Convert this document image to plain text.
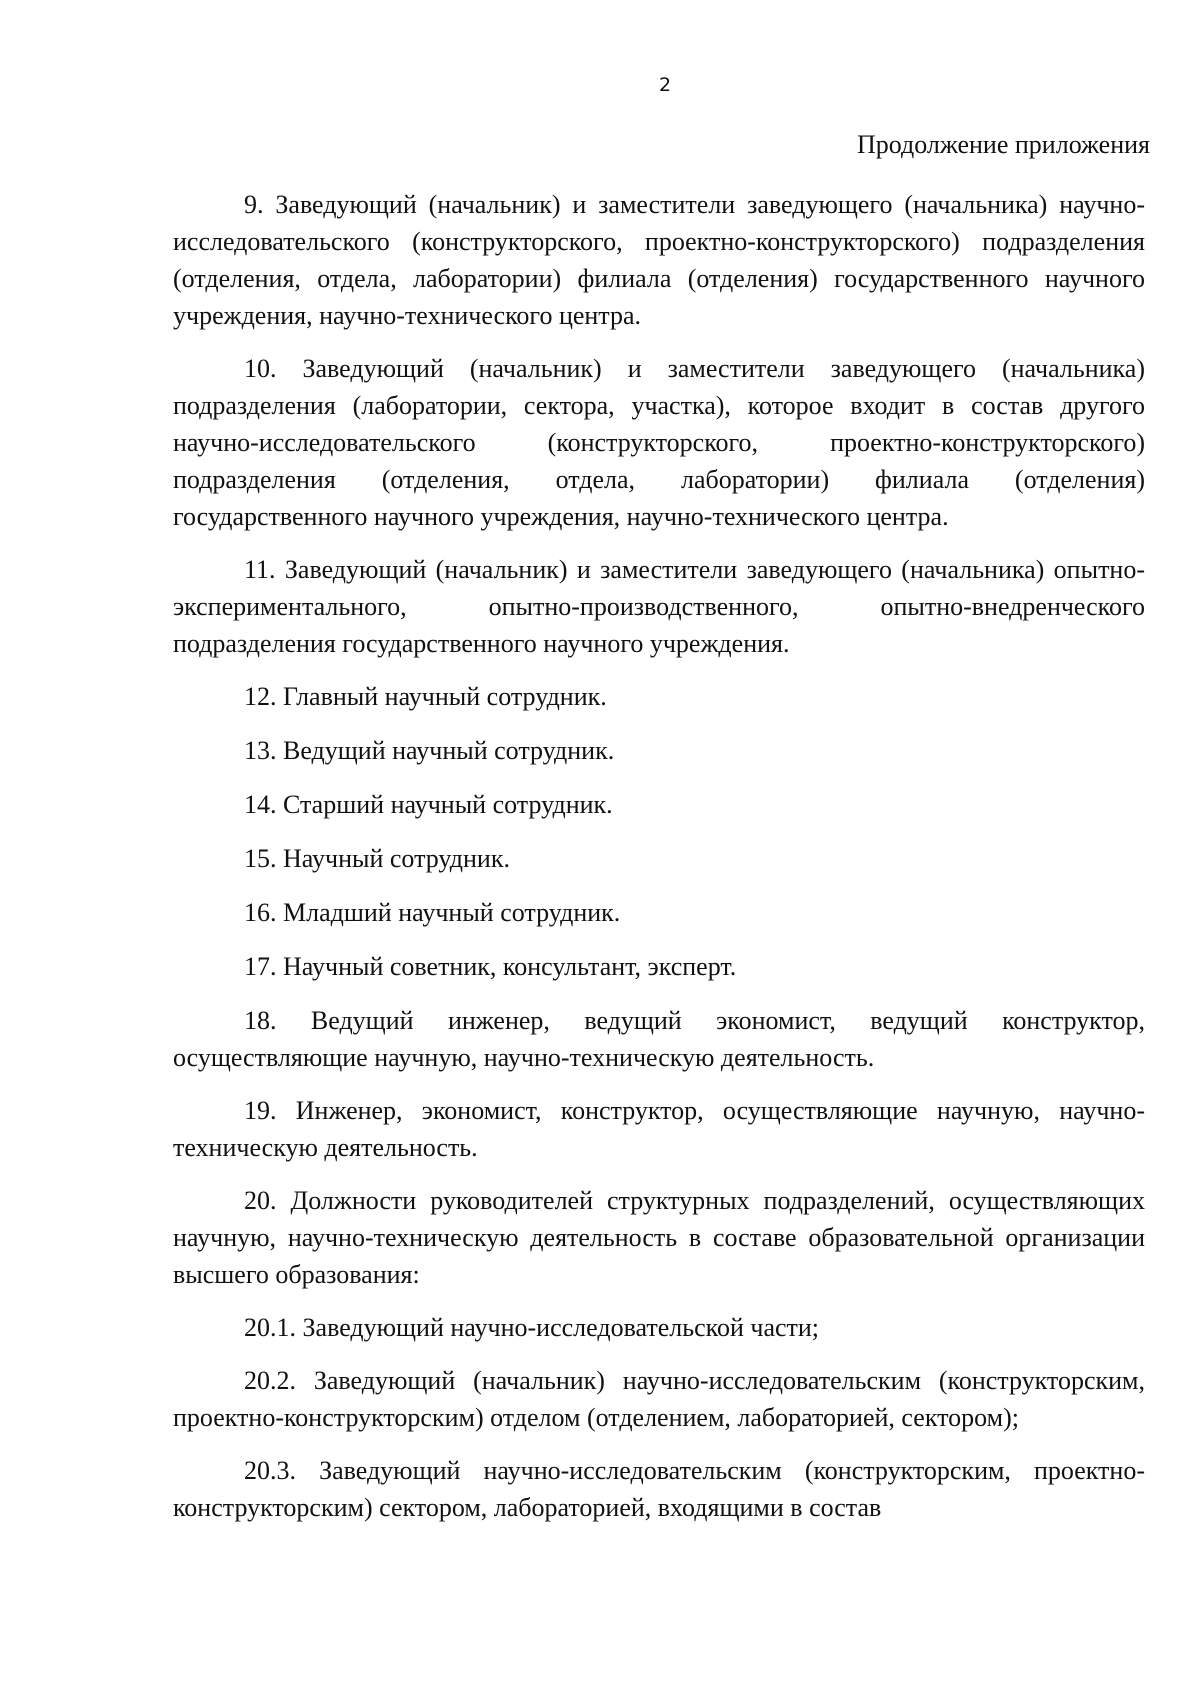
2
Продолжение приложения

9. Заведующий (начальник) и заместители заведующего (начальника) научно-исследовательского (конструкторского, проектно-конструкторского) подразделения (отделения, отдела, лаборатории) филиала (отделения) государственного научного учреждения, научно-технического центра.

10. Заведующий (начальник) и заместители заведующего (начальника) подразделения (лаборатории, сектора, участка), которое входит в состав другого научно-исследовательского (конструкторского, проектно-конструкторского) подразделения (отделения, отдела, лаборатории) филиала (отделения) государственного научного учреждения, научно-технического центра.

11. Заведующий (начальник) и заместители заведующего (начальника) опытно-экспериментального, опытно-производственного, опытно-внедренческого подразделения государственного научного учреждения.

12. Главный научный сотрудник.

13. Ведущий научный сотрудник.

14. Старший научный сотрудник.

15. Научный сотрудник.

16. Младший научный сотрудник.

17. Научный советник, консультант, эксперт.

18. Ведущий инженер, ведущий экономист, ведущий конструктор, осуществляющие научную, научно-техническую деятельность.

19. Инженер, экономист, конструктор, осуществляющие научную, научно-техническую деятельность.

20. Должности руководителей структурных подразделений, осуществляющих научную, научно-техническую деятельность в составе образовательной организации высшего образования:

20.1. Заведующий научно-исследовательской части;

20.2. Заведующий (начальник) научно-исследовательским (конструкторским, проектно-конструкторским) отделом (отделением, лабораторией, сектором);

20.3. Заведующий научно-исследовательским (конструкторским, проектно-конструкторским) сектором, лабораторией, входящими в состав
